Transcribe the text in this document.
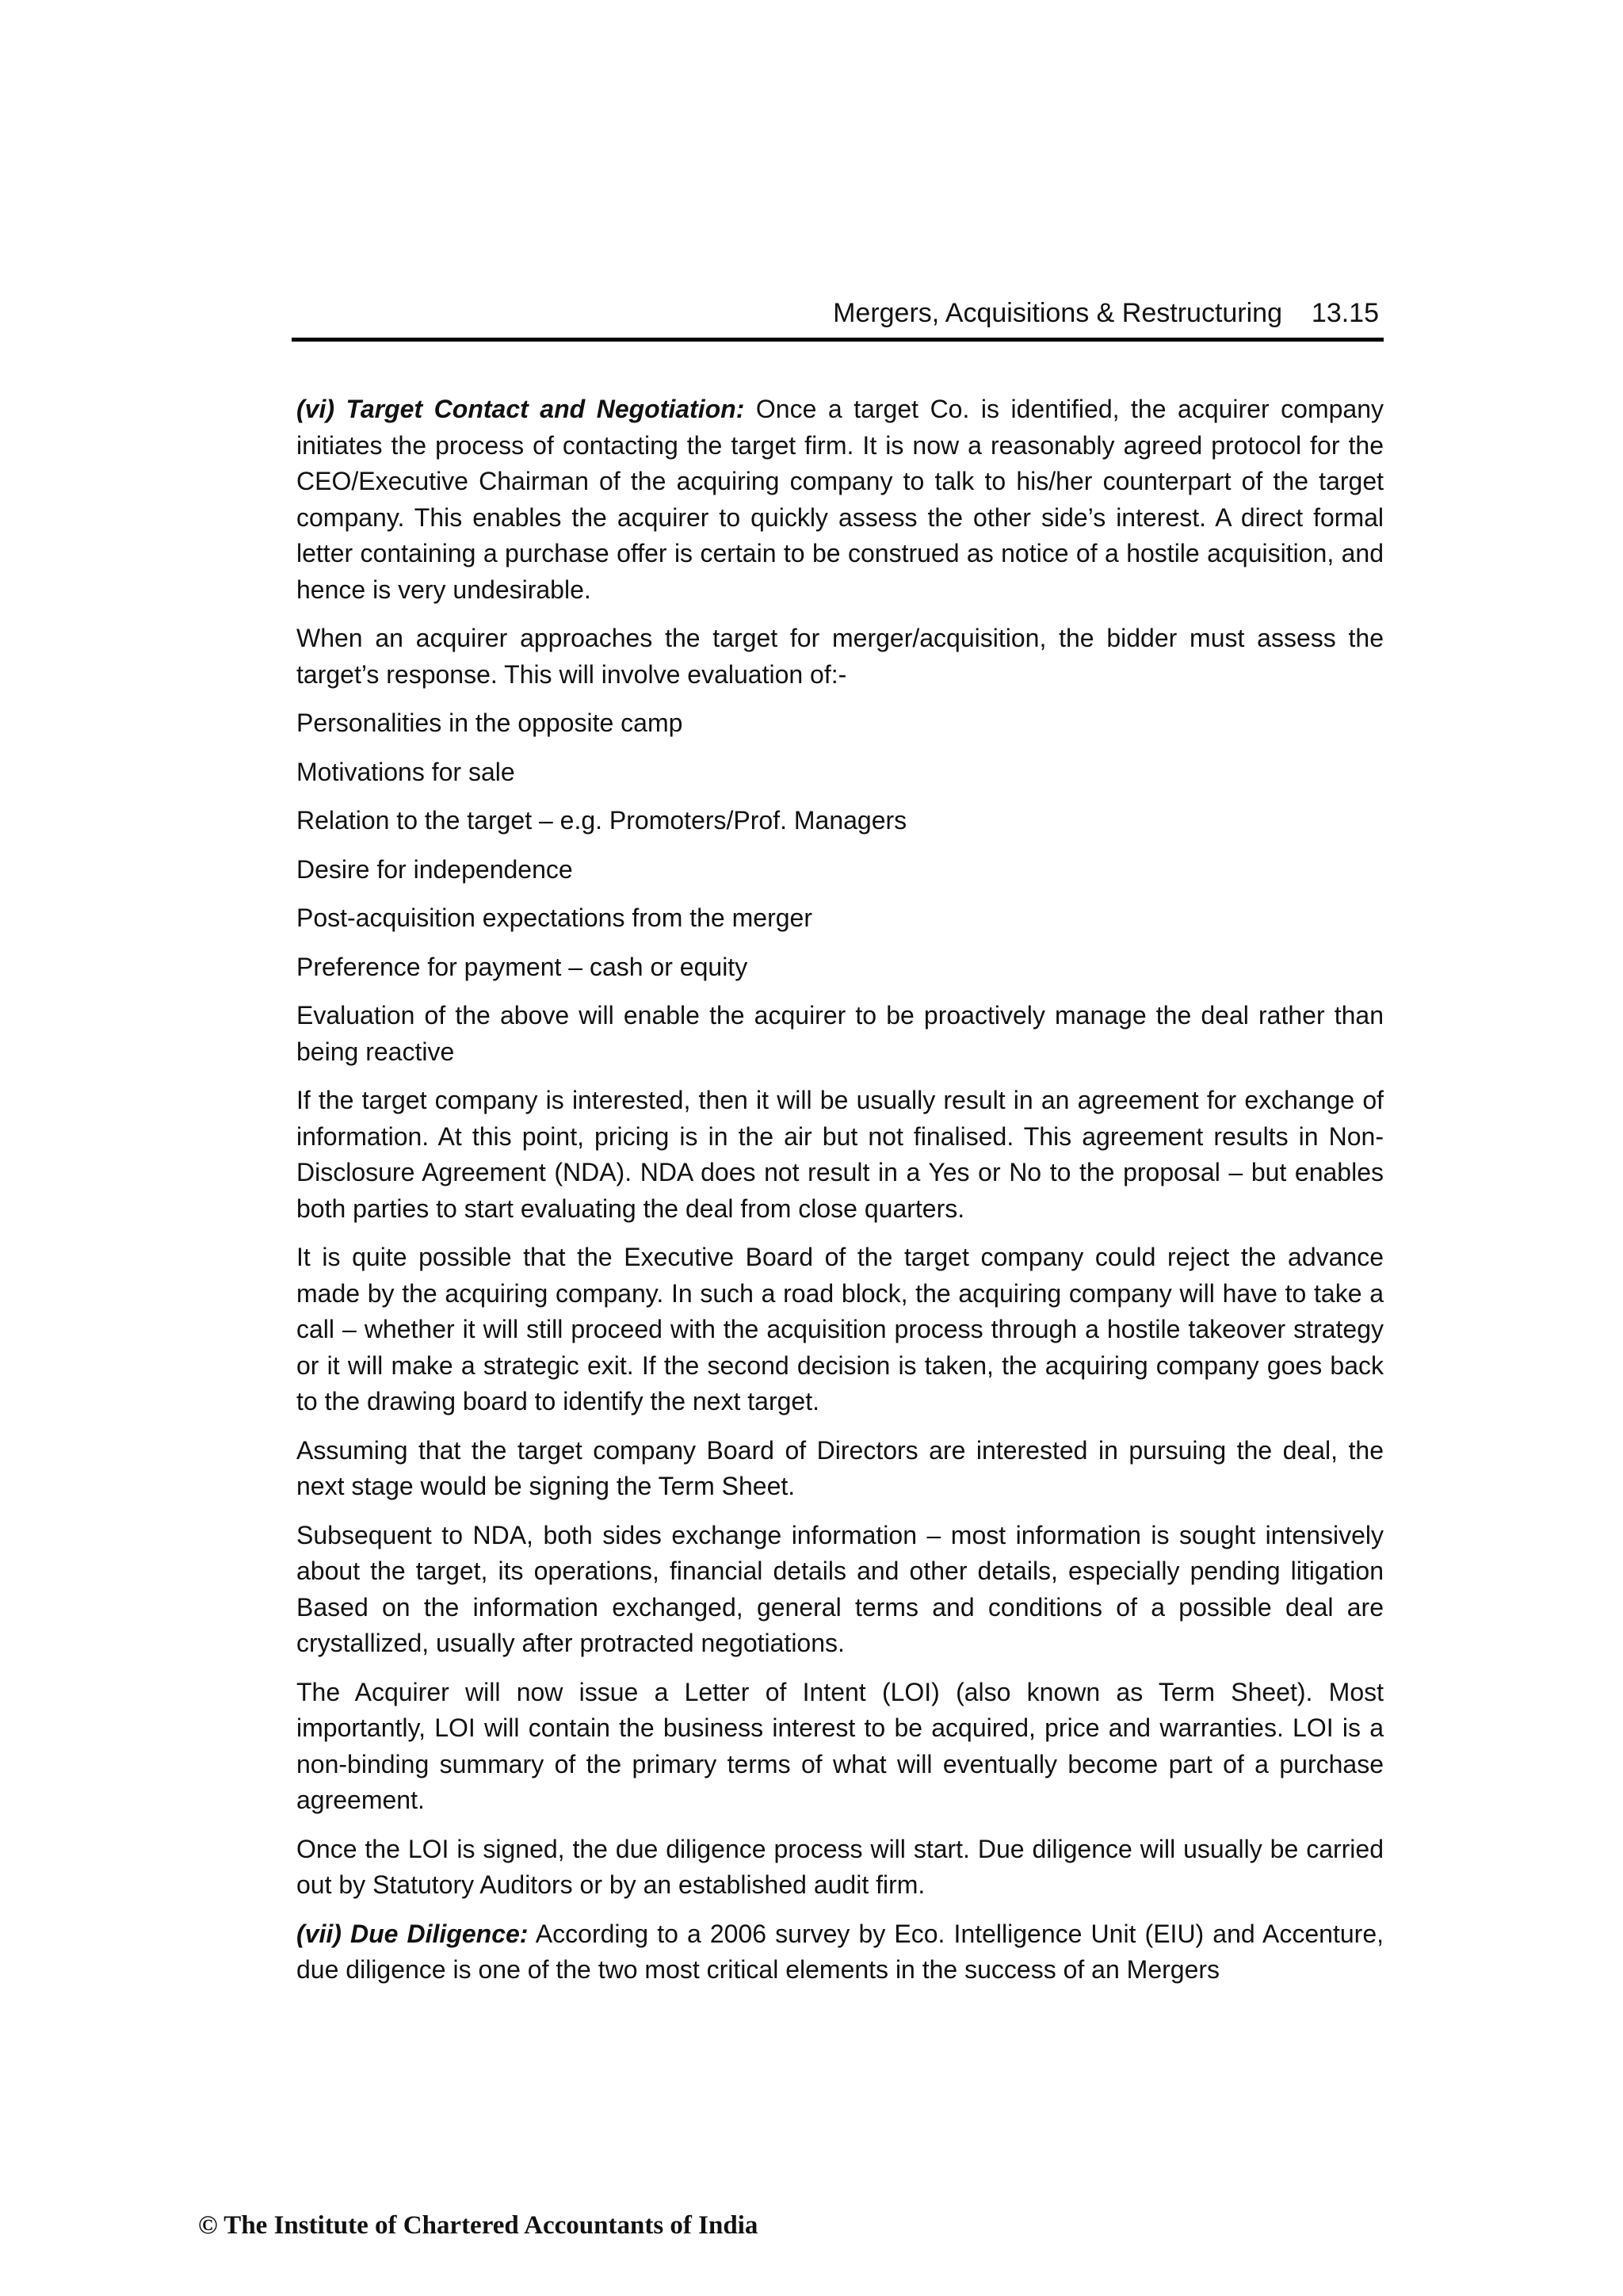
Mergers, Acquisitions & Restructuring 13.15

(vi) Target Contact and Negotiation: Once a target Co. is identified, the acquirer company initiates the process of contacting the target firm. It is now a reasonably agreed protocol for the CEO/Executive Chairman of the acquiring company to talk to his/her counterpart of the target company. This enables the acquirer to quickly assess the other side’s interest. A direct formal letter containing a purchase offer is certain to be construed as notice of a hostile acquisition, and hence is very undesirable.

When an acquirer approaches the target for merger/acquisition, the bidder must assess the target’s response. This will involve evaluation of:-

Personalities in the opposite camp

Motivations for sale

Relation to the target – e.g. Promoters/Prof. Managers

Desire for independence

Post-acquisition expectations from the merger

Preference for payment – cash or equity

Evaluation of the above will enable the acquirer to be proactively manage the deal rather than being reactive

If the target company is interested, then it will be usually result in an agreement for exchange of information. At this point, pricing is in the air but not finalised. This agreement results in Non-Disclosure Agreement (NDA). NDA does not result in a Yes or No to the proposal – but enables both parties to start evaluating the deal from close quarters.

It is quite possible that the Executive Board of the target company could reject the advance made by the acquiring company. In such a road block, the acquiring company will have to take a call – whether it will still proceed with the acquisition process through a hostile takeover strategy or it will make a strategic exit. If the second decision is taken, the acquiring company goes back to the drawing board to identify the next target.

Assuming that the target company Board of Directors are interested in pursuing the deal, the next stage would be signing the Term Sheet.

Subsequent to NDA, both sides exchange information – most information is sought intensively about the target, its operations, financial details and other details, especially pending litigation Based on the information exchanged, general terms and conditions of a possible deal are crystallized, usually after protracted negotiations.

The Acquirer will now issue a Letter of Intent (LOI) (also known as Term Sheet). Most importantly, LOI will contain the business interest to be acquired, price and warranties. LOI is a non-binding summary of the primary terms of what will eventually become part of a purchase agreement.

Once the LOI is signed, the due diligence process will start. Due diligence will usually be carried out by Statutory Auditors or by an established audit firm.

(vii) Due Diligence: According to a 2006 survey by Eco. Intelligence Unit (EIU) and Accenture, due diligence is one of the two most critical elements in the success of an Mergers

© The Institute of Chartered Accountants of India
